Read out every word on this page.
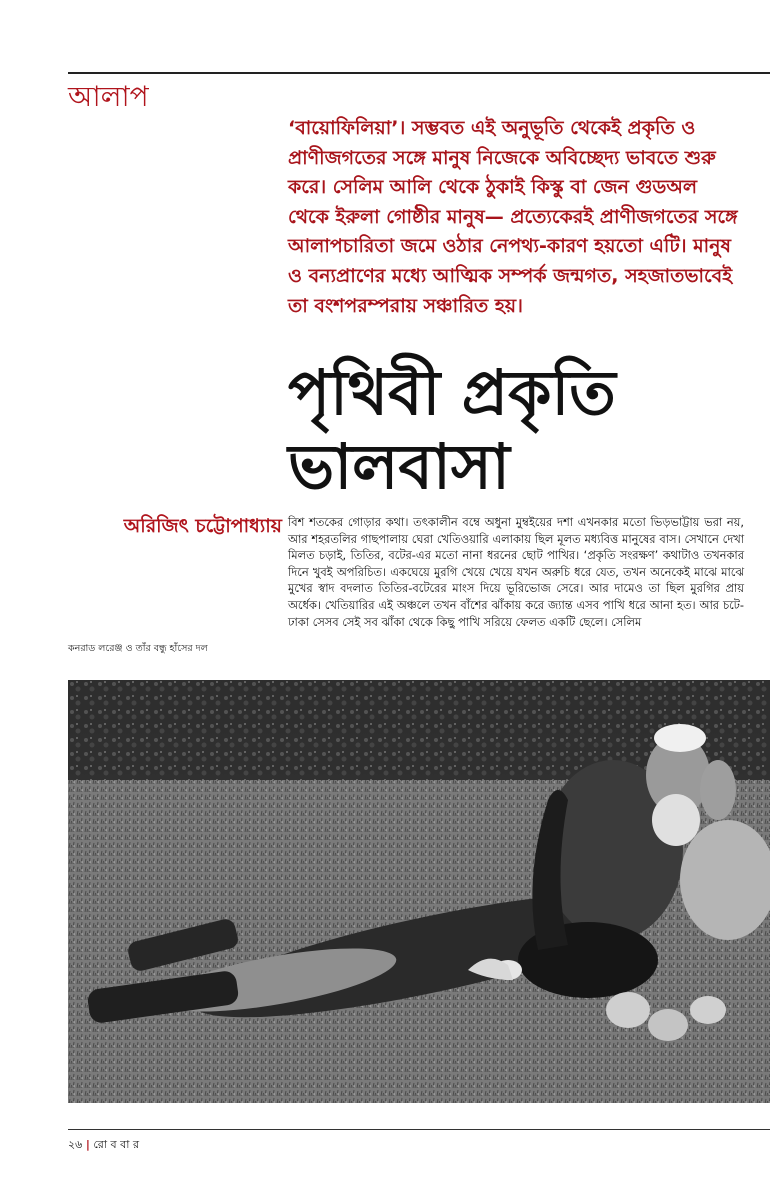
আলাপ
‘বায়োফিলিয়া’। সম্ভবত এই অনুভূতি থেকেই প্রকৃতি ও প্রাণীজগতের সঙ্গে মানুষ নিজেকে অবিচ্ছেদ্য ভাবতে শুরু করে। সেলিম আলি থেকে ঠুকাই কিস্কু বা জেন গুডঅল থেকে ইরুলা গোষ্ঠীর মানুষ— প্রত্যেকেরই প্রাণীজগতের সঙ্গে আলাপচারিতা জমে ওঠার নেপথ্য-কারণ হয়তো এটি। মানুষ ও বন্যপ্রাণের মধ্যে আত্মিক সম্পর্ক জন্মগত, সহজাতভাবেই তা বংশপরম্পরায় সঞ্চারিত হয়।
পৃথিবী প্রকৃতি
ভালবাসা
অরিজিৎ চট্টোপাধ্যায় বিশ শতকের গোড়ার কথা। তৎকালীন বম্বে অধুনা মুম্বইয়ের দশা এখনকার মতো ভিড়ভাট্টায় ভরা নয়, আর শহরতলির গাছপালায় ঘেরা খেতিওয়ারি এলাকায় ছিল মূলত মধ্যবিত্ত মানুষের বাস। সেখানে দেখা মিলত চড়াই, তিতির, বটের-এর মতো নানা ধরনের ছোট পাখির। ‘প্রকৃতি সংরক্ষণ’ কথাটাও তখনকার দিনে খুবই অপরিচিত। একঘেয়ে মুরগি খেয়ে খেয়ে যখন অরুচি ধরে যেত, তখন অনেকেই মাঝে মাঝে মুখের স্বাদ বদলাত তিতির-বটেরের মাংস দিয়ে ভূরিভোজ সেরে। আর দামেও তা ছিল মুরগির প্রায় অর্ধেক। খেতিয়ারির এই অঞ্চলে তখন বাঁশের ঝাঁকায় করে জ্যান্ত এসব পাখি ধরে আনা হত। আর চটে-ঢাকা সেসব সেই সব ঝাঁকা থেকে কিছু পাখি সরিয়ে ফেলত একটি ছেলে। সেলিম
কনরাড লরেঞ্জ ও তাঁর বন্ধু হাঁসের দল
২৬ | রো ব বা র
